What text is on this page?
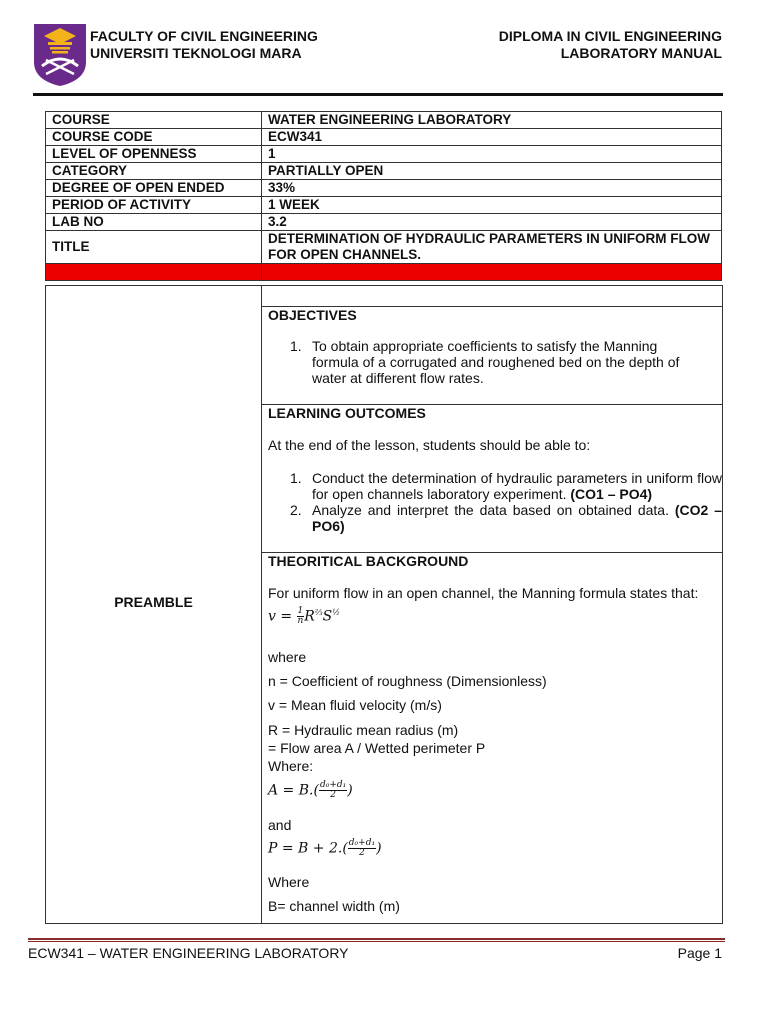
FACULTY OF CIVIL ENGINEERING
UNIVERSITI TEKNOLOGI MARA
DIPLOMA IN CIVIL ENGINEERING
LABORATORY MANUAL
COURSE	WATER ENGINEERING LABORATORY
COURSE CODE	ECW341
LEVEL OF OPENNESS	1
CATEGORY	PARTIALLY OPEN
DEGREE OF OPEN ENDED	33%
PERIOD OF ACTIVITY	1 WEEK
LAB NO	3.2
TITLE	DETERMINATION OF HYDRAULIC PARAMETERS IN UNIFORM FLOW FOR OPEN CHANNELS.

PREAMBLE
OBJECTIVES
1. To obtain appropriate coefficients to satisfy the Manning formula of a corrugated and roughened bed on the depth of water at different flow rates.
LEARNING OUTCOMES
At the end of the lesson, students should be able to:
1. Conduct the determination of hydraulic parameters in uniform flow for open channels laboratory experiment. (CO1 – PO4)
2. Analyze and interpret the data based on obtained data. (CO2 – PO6)
THEORITICAL BACKGROUND
For uniform flow in an open channel, the Manning formula states that:
$v = \frac{1}{n} R^{\frac{2}{3}}S^{\frac{1}{2}}$
where
n = Coefficient of roughness (Dimensionless)
v = Mean fluid velocity (m/s)
R = Hydraulic mean radius (m)
= Flow area A / Wetted perimeter P
Where:
$A = B.( \frac{\text{d₀+d₁}}{2}$ )
and
$P = B + 2.( \frac{\text{d₀+d₁}}{2}$ )
Where
B= channel width (m)
ECW341 – WATER ENGINEERING LABORATORY	Page 1
